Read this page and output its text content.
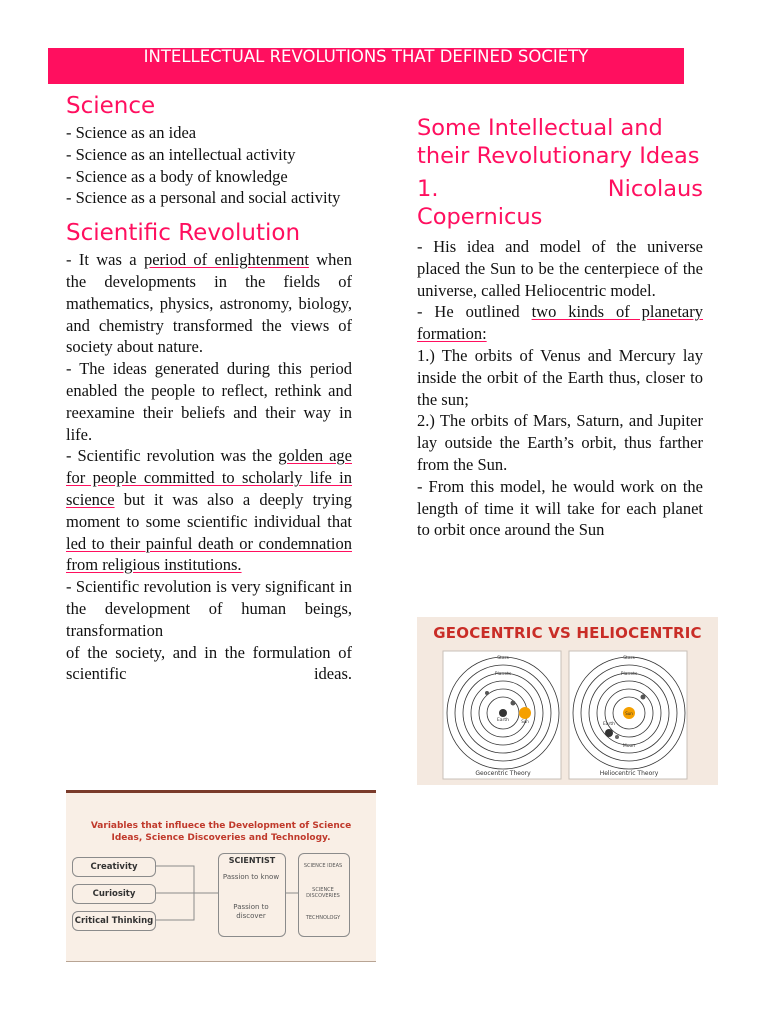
INTELLECTUAL REVOLUTIONS THAT DEFINED SOCIETY
Science

- Science as an idea

- Science as an intellectual activity

- Science as a body of knowledge

- Science as a personal and social activity

Scientific Revolution

- It was a period of enlightenment when the developments in the fields of mathematics, physics, astronomy, biology, and chemistry transformed the views of society about nature.

- The ideas generated during this period enabled the people to reflect, rethink and reexamine their beliefs and their way in life.

- Scientific revolution was the golden age for people committed to scholarly life in science but it was also a deeply trying moment to some scientific individual that led to their painful death or condemnation from religious institutions.

- Scientific revolution is very significant in the development of human beings, transformation

of the society, and in the formulation of scientific ideas.

Some Intellectual and their Revolutionary Ideas
1.	Nicolaus
Copernicus

- His idea and model of the universe placed the Sun to be the centerpiece of the universe, called Heliocentric model.

- He outlined two kinds of planetary formation:

1.) The orbits of Venus and Mercury lay inside the orbit of the Earth thus, closer to the sun;

2.) The orbits of Mars, Saturn, and Jupiter lay outside the Earth’s orbit, thus farther from the Sun.

- From this model, he would work on the length of time it will take for each planet to orbit once around the Sun

GEOCENTRIC VS HELIOCENTRIC
Stars
Planets
Earth	Sun
Geocentric Theory
Stars
Planets
Earth
Sun
Moon
Heliocentric Theory
Variables that influece the Development of Science
Ideas, Science Discoveries and Technology.
Creativity
Curiosity
Critical Thinking
SCIENTIST
Passion to know
Passion to discover
SCIENCE IDEAS
SCIENCE DISCOVERIES
TECHNOLOGY
